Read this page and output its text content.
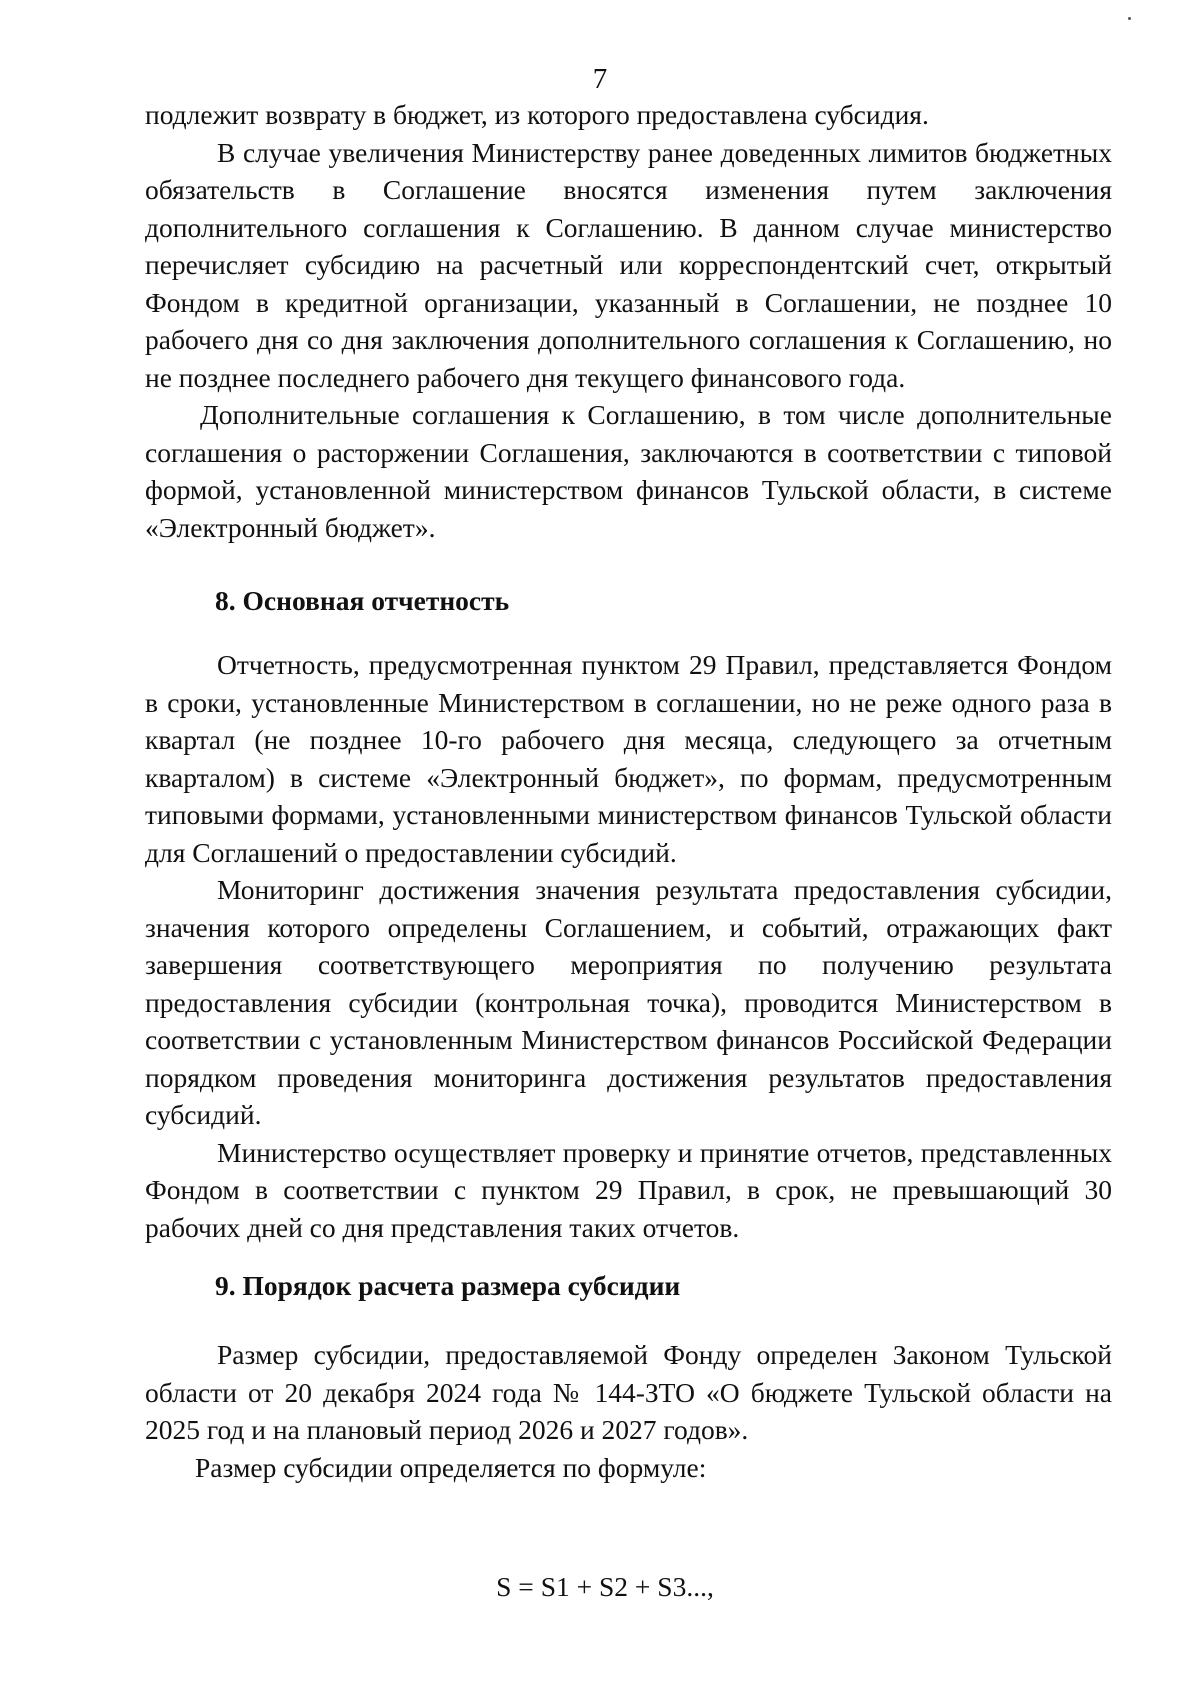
7

подлежит возврату в бюджет, из которого предоставлена субсидия.

В случае увеличения Министерству ранее доведенных лимитов бюджетных обязательств в Соглашение вносятся изменения путем заключения дополнительного соглашения к Соглашению. В данном случае министерство перечисляет субсидию на расчетный или корреспондентский счет, открытый Фондом в кредитной организации, указанный в Соглашении, не позднее 10 рабочего дня со дня заключения дополнительного соглашения к Соглашению, но не позднее последнего рабочего дня текущего финансового года.

Дополнительные соглашения к Соглашению, в том числе дополнительные соглашения о расторжении Соглашения, заключаются в соответствии с типовой формой, установленной министерством финансов Тульской области, в системе «Электронный бюджет».

8. Основная отчетность

Отчетность, предусмотренная пунктом 29 Правил, представляется Фондом в сроки, установленные Министерством в соглашении, но не реже одного раза в квартал (не позднее 10-го рабочего дня месяца, следующего за отчетным кварталом) в системе «Электронный бюджет», по формам, предусмотренным типовыми формами, установленными министерством финансов Тульской области для Соглашений о предоставлении субсидий.

Мониторинг достижения значения результата предоставления субсидии, значения которого определены Соглашением, и событий, отражающих факт завершения соответствующего мероприятия по получению результата предоставления субсидии (контрольная точка), проводится Министерством в соответствии с установленным Министерством финансов Российской Федерации порядком проведения мониторинга достижения результатов предоставления субсидий.

Министерство осуществляет проверку и принятие отчетов, представленных Фондом в соответствии с пунктом 29 Правил, в срок, не превышающий 30 рабочих дней со дня представления таких отчетов.

9. Порядок расчета размера субсидии

Размер субсидии, предоставляемой Фонду определен Законом Тульской области от 20 декабря 2024 года № 144-ЗТО «О бюджете Тульской области на 2025 год и на плановый период 2026 и 2027 годов».

Размер субсидии определяется по формуле:

S = S1 + S2 + S3...,
